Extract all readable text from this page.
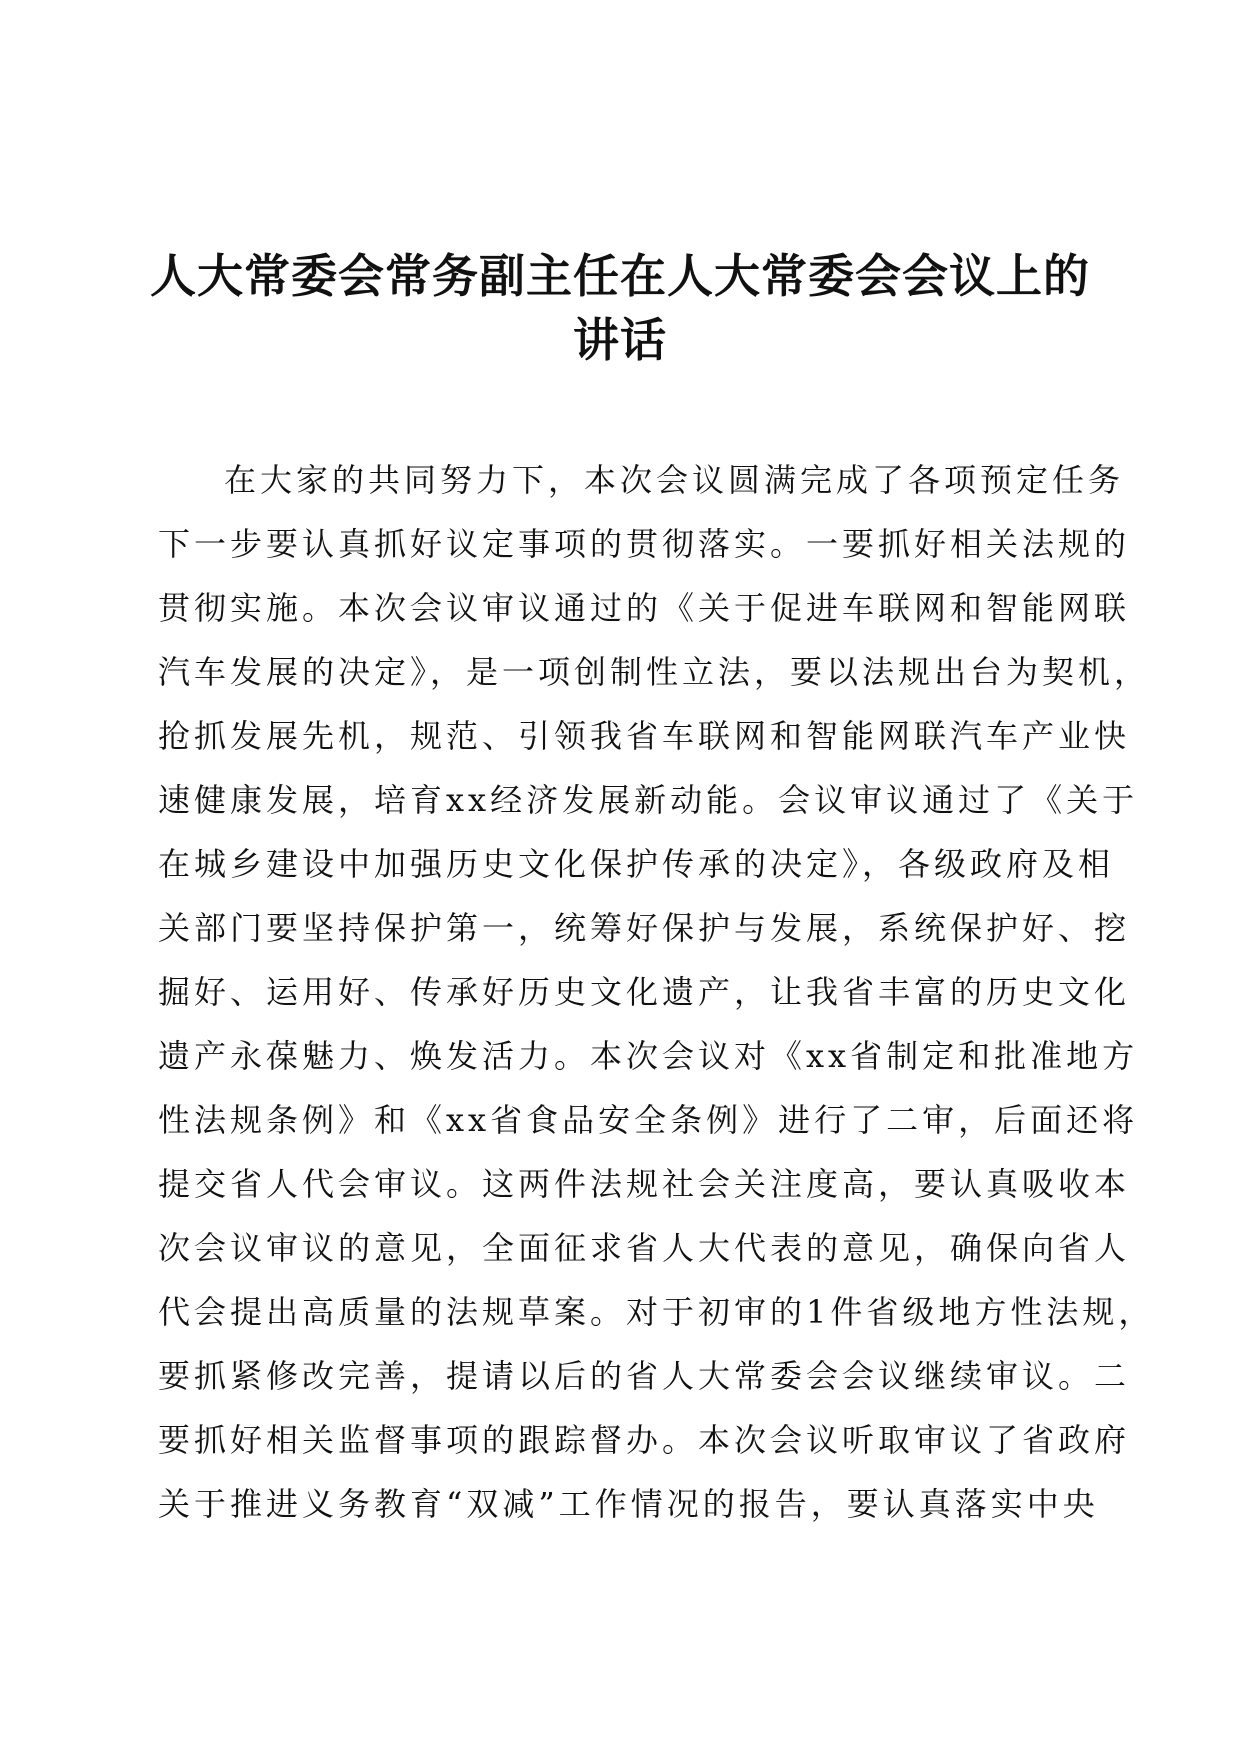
人大常委会常务副主任在人大常委会会议上的
讲话
在大家的共同努力下，本次会议圆满完成了各项预定任务
下一步要认真抓好议定事项的贯彻落实。一要抓好相关法规的
贯彻实施。本次会议审议通过的《关于促进车联网和智能网联
汽车发展的决定》，是一项创制性立法，要以法规出台为契机，
抢抓发展先机，规范、引领我省车联网和智能网联汽车产业快
速健康发展，培育xx经济发展新动能。会议审议通过了《关于
在城乡建设中加强历史文化保护传承的决定》，各级政府及相
关部门要坚持保护第一，统筹好保护与发展，系统保护好、挖
掘好、运用好、传承好历史文化遗产，让我省丰富的历史文化
遗产永葆魅力、焕发活力。本次会议对《xx省制定和批准地方
性法规条例》和《xx省食品安全条例》进行了二审，后面还将
提交省人代会审议。这两件法规社会关注度高，要认真吸收本
次会议审议的意见，全面征求省人大代表的意见，确保向省人
代会提出高质量的法规草案。对于初审的1件省级地方性法规，
要抓紧修改完善，提请以后的省人大常委会会议继续审议。二
要抓好相关监督事项的跟踪督办。本次会议听取审议了省政府
关于推进义务教育“双减”工作情况的报告，要认真落实中央
